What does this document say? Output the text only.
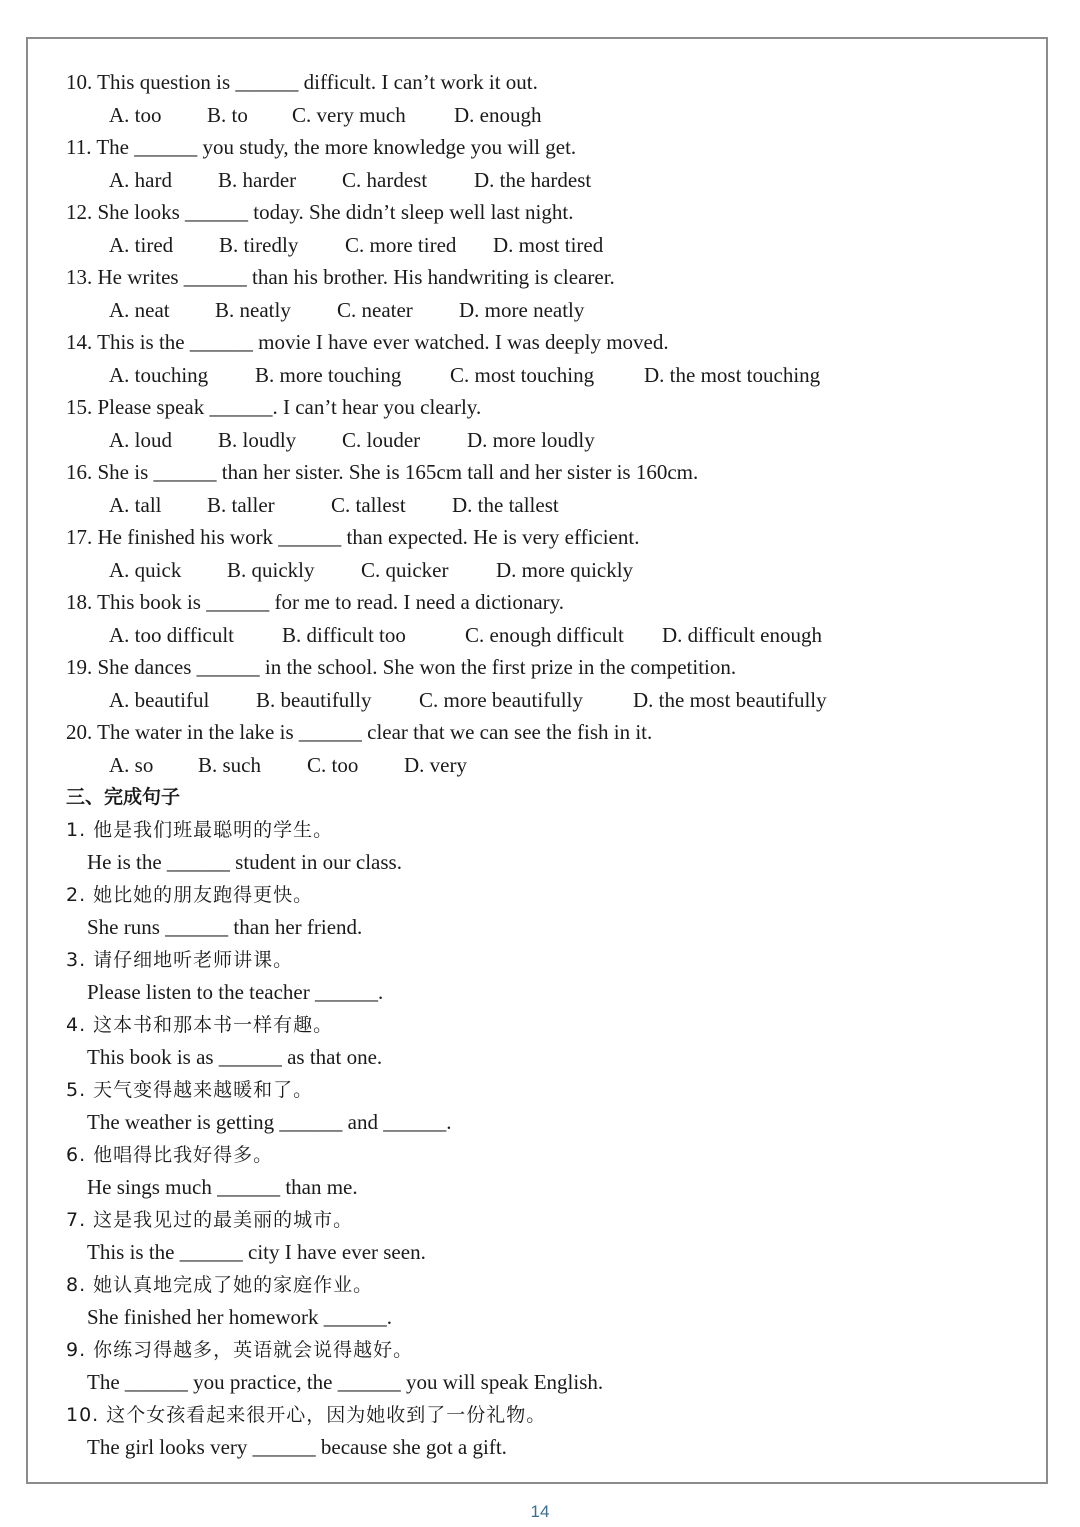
10. This question is ______ difficult. I can’t work it out.
A. too B. to C. very much D. enough
11. The ______ you study, the more knowledge you will get.
A. hard B. harder C. hardest D. the hardest
12. She looks ______ today. She didn’t sleep well last night.
A. tired B. tiredly C. more tired D. most tired
13. He writes ______ than his brother. His handwriting is clearer.
A. neat B. neatly C. neater D. more neatly
14. This is the ______ movie I have ever watched. I was deeply moved.
A. touching B. more touching C. most touching D. the most touching
15. Please speak ______. I can’t hear you clearly.
A. loud B. loudly C. louder D. more loudly
16. She is ______ than her sister. She is 165cm tall and her sister is 160cm.
A. tall B. taller	C. tallest D. the tallest
17. He finished his work ______ than expected. He is very efficient.
A. quick B. quickly C. quicker D. more quickly
18. This book is ______ for me to read. I need a dictionary.
A. too difficult B. difficult too	C. enough difficult D. difficult enough
19. She dances ______ in the school. She won the first prize in the competition.
A. beautiful B. beautifully C. more beautifully D. the most beautifully
20. The water in the lake is ______ clear that we can see the fish in it.
A. so B. such C. too D. very
三、完成句子
1. 他是我们班最聪明的学生。
He is the ______ student in our class.
2. 她比她的朋友跑得更快。
She runs ______ than her friend.
3. 请仔细地听老师讲课。
Please listen to the teacher ______.
4. 这本书和那本书一样有趣。
This book is as ______ as that one.
5. 天气变得越来越暖和了。
The weather is getting ______ and ______.
6. 他唱得比我好得多。
He sings much ______ than me.
7. 这是我见过的最美丽的城市。
This is the ______ city I have ever seen.
8. 她认真地完成了她的家庭作业。
She finished her homework ______.
9. 你练习得越多，英语就会说得越好。
The ______ you practice, the ______ you will speak English.
10. 这个女孩看起来很开心，因为她收到了一份礼物。
The girl looks very ______ because she got a gift.
14
